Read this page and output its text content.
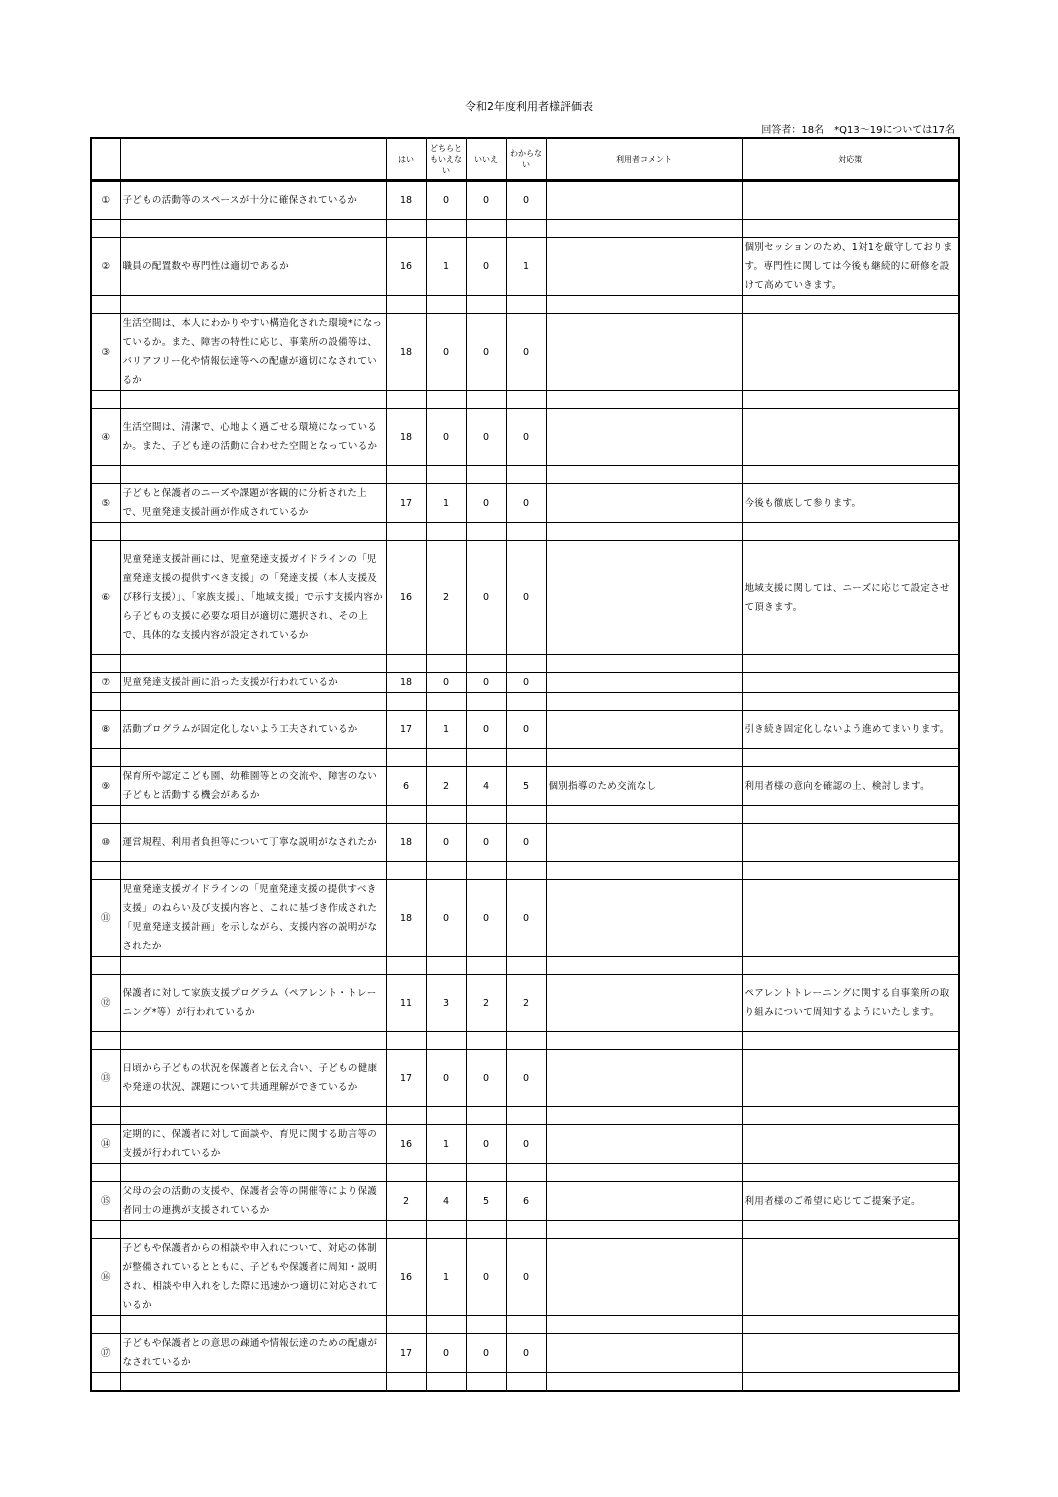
令和2年度利用者様評価表
回答者：18名　*Q13～19については17名
		はい	どちらともいえない	いいえ	わからない	利用者コメント	対応策
①	子どもの活動等のスペースが十分に確保されているか	18	0	0	0		

②	職員の配置数や専門性は適切であるか	16	1	0	1		個別セッションのため、1対1を厳守しております。専門性に関しては今後も継続的に研修を設けて高めていきます。

③	生活空間は、本人にわかりやすい構造化された環境*になっているか。また、障害の特性に応じ、事業所の設備等は、バリアフリー化や情報伝達等への配慮が適切になされているか	18	0	0	0		

④	生活空間は、清潔で、心地よく過ごせる環境になっているか。また、子ども達の活動に合わせた空間となっているか	18	0	0	0		

⑤	子どもと保護者のニーズや課題が客観的に分析された上で、児童発達支援計画が作成されているか	17	1	0	0		今後も徹底して参ります。

⑥	児童発達支援計画には、児童発達支援ガイドラインの「児童発達支援の提供すべき支援」の「発達支援（本人支援及び移行支援）」、「家族支援」、「地域支援」で示す支援内容から子どもの支援に必要な項目が適切に選択され、その上で、具体的な支援内容が設定されているか	16	2	0	0		地域支援に関しては、ニーズに応じて設定させて頂きます。

⑦	児童発達支援計画に沿った支援が行われているか	18	0	0	0		

⑧	活動プログラムが固定化しないよう工夫されているか	17	1	0	0		引き続き固定化しないよう進めてまいります。

⑨	保育所や認定こども園、幼稚園等との交流や、障害のない子どもと活動する機会があるか	6	2	4	5	個別指導のため交流なし	利用者様の意向を確認の上、検討します。

⑩	運営規程、利用者負担等について丁寧な説明がなされたか	18	0	0	0		

⑪	児童発達支援ガイドラインの「児童発達支援の提供すべき支援」のねらい及び支援内容と、これに基づき作成された「児童発達支援計画」を示しながら、支援内容の説明がなされたか	18	0	0	0		

⑫	保護者に対して家族支援プログラム（ペアレント・トレーニング*等）が行われているか	11	3	2	2		ペアレントトレーニングに関する自事業所の取り組みについて周知するようにいたします。

⑬	日頃から子どもの状況を保護者と伝え合い、子どもの健康や発達の状況、課題について共通理解ができているか	17	0	0	0		

⑭	定期的に、保護者に対して面談や、育児に関する助言等の支援が行われているか	16	1	0	0		

⑮	父母の会の活動の支援や、保護者会等の開催等により保護者同士の連携が支援されているか	2	4	5	6		利用者様のご希望に応じてご提案予定。

⑯	子どもや保護者からの相談や申入れについて、対応の体制が整備されているとともに、子どもや保護者に周知・説明され、相談や申入れをした際に迅速かつ適切に対応されているか	16	1	0	0		

⑰	子どもや保護者との意思の疎通や情報伝達のための配慮がなされているか	17	0	0	0		
